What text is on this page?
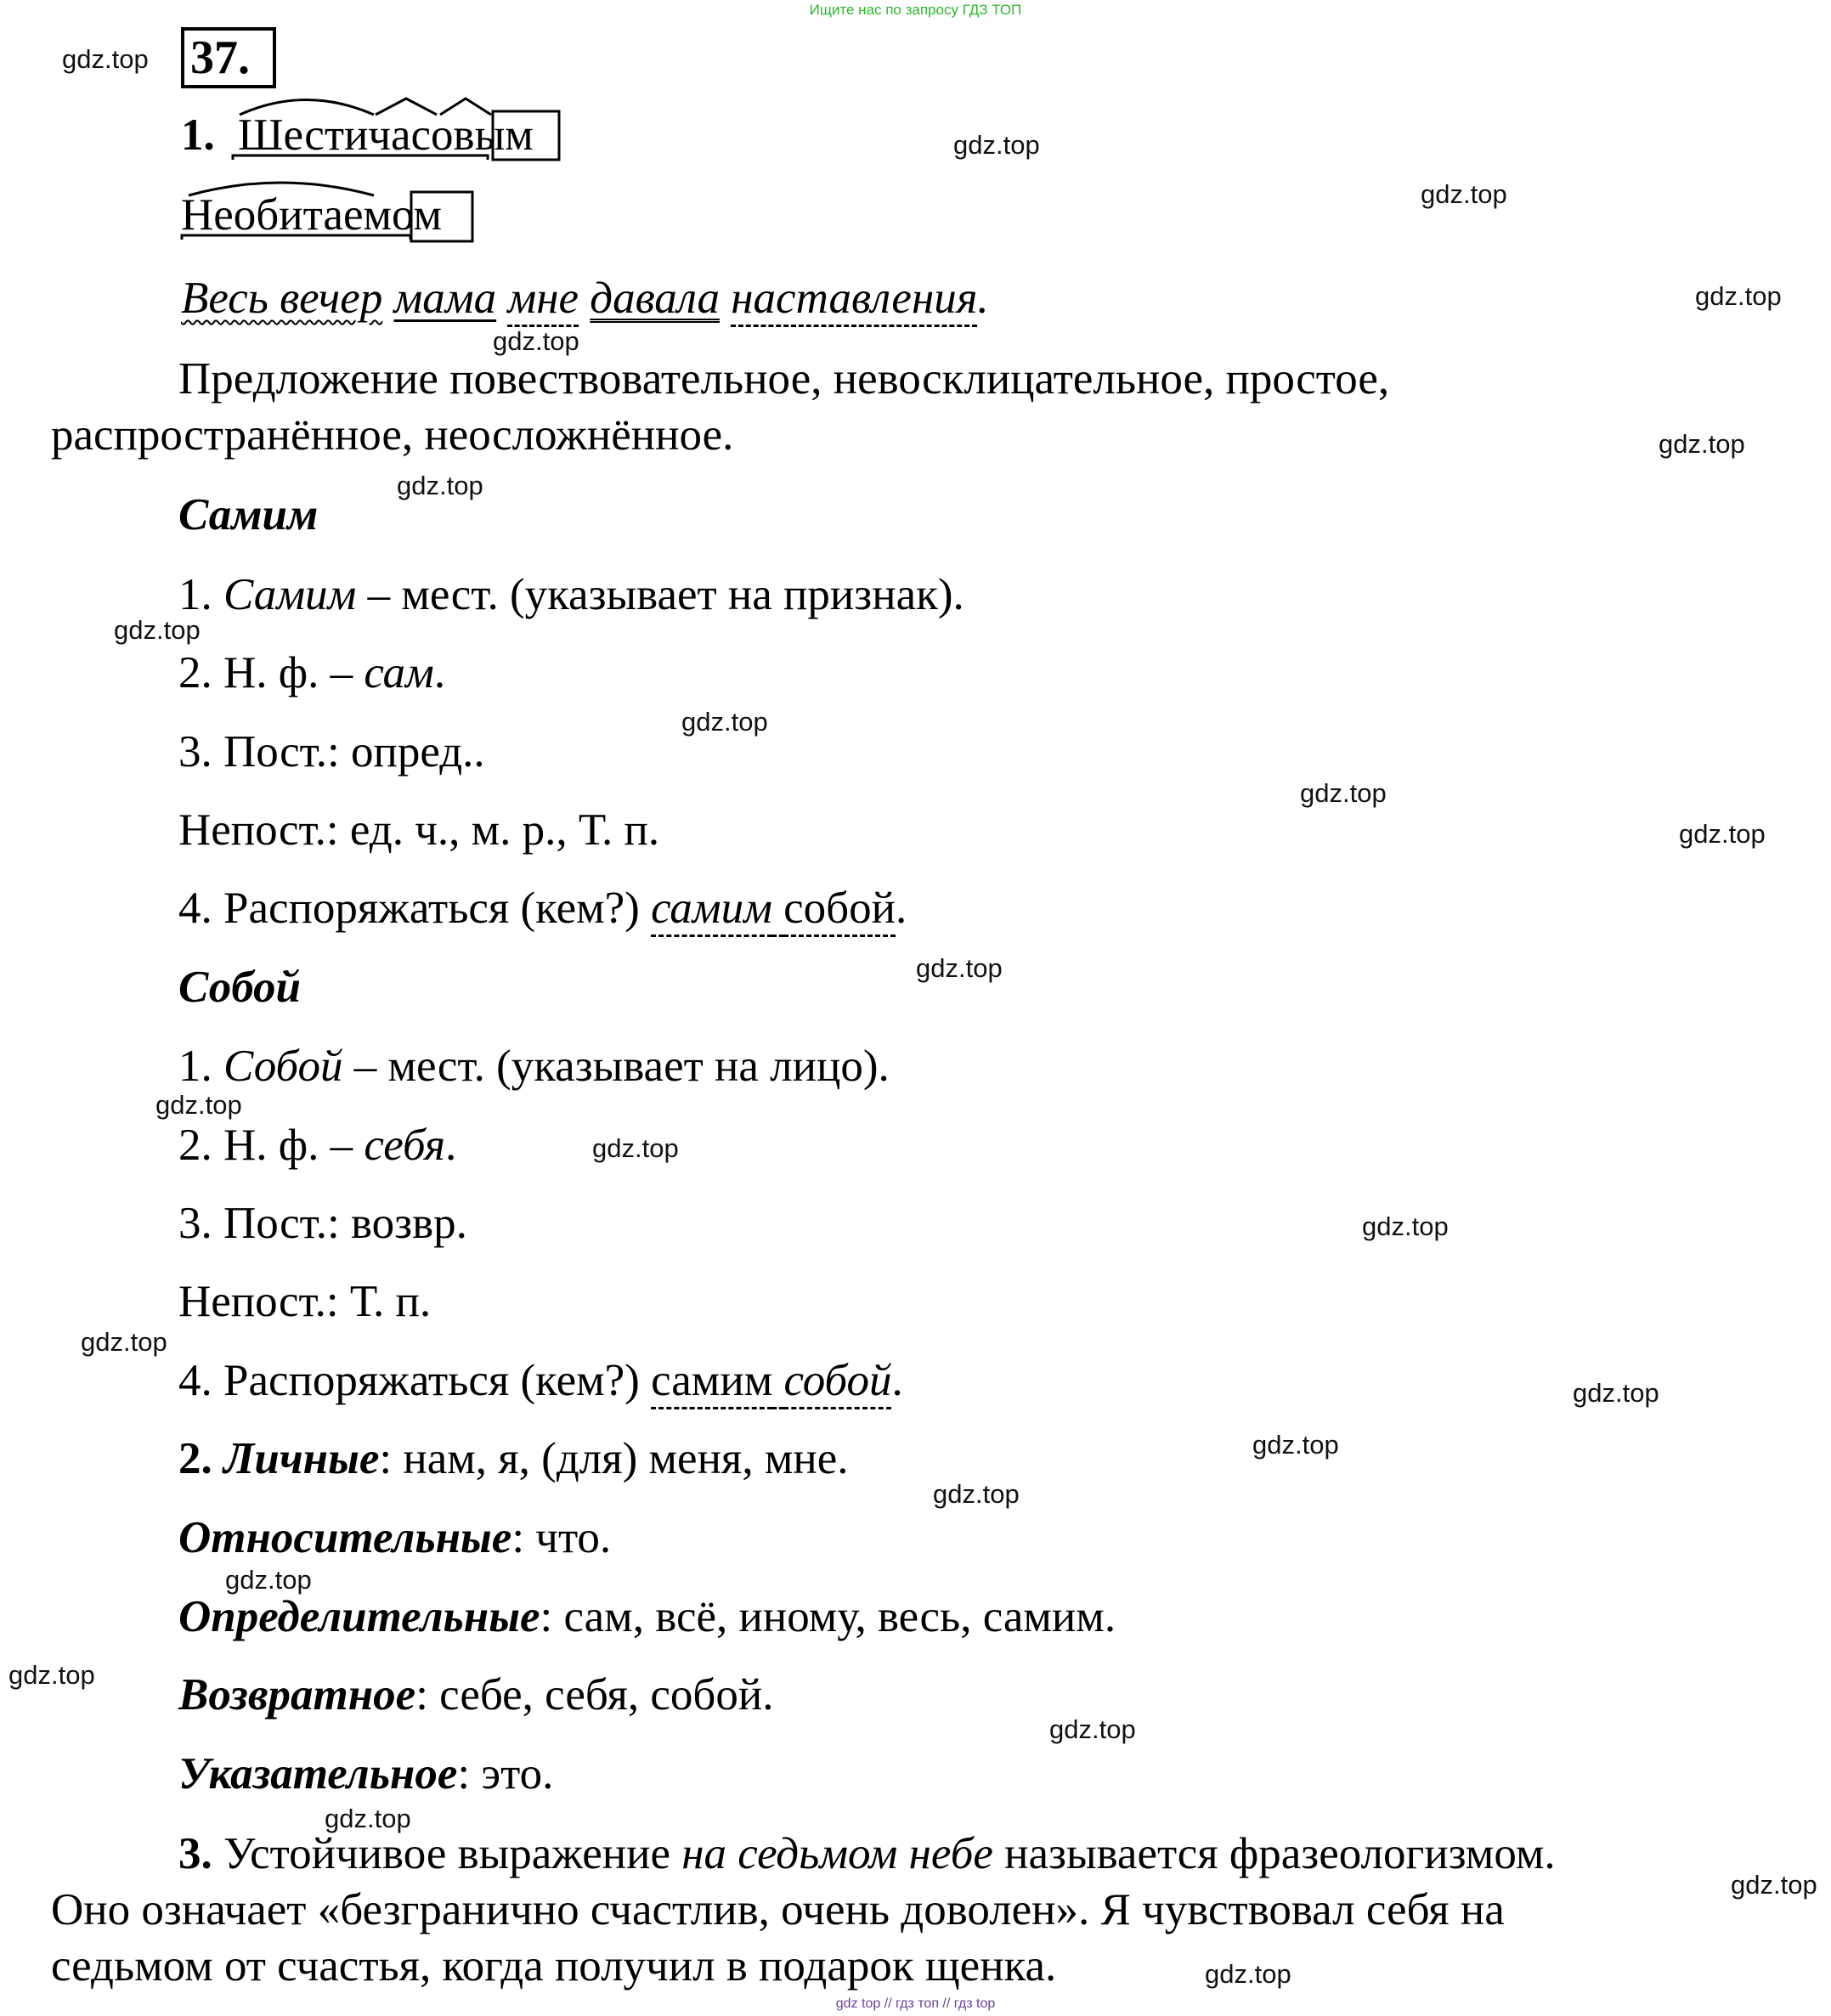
Ищите нас по запросу ГДЗ ТОП
37.
1. Шестичасовым
Необитаемом
Весь вечер мама мне давала наставления.
Предложение повествовательное, невосклицательное, простое,
распространённое, неосложнённое.
Самим
1. Самим – мест. (указывает на признак).
2. Н. ф. – сам.
3. Пост.: опред..
Непост.: ед. ч., м. р., Т. п.
4. Распоряжаться (кем?) самим собой.
Собой
1. Собой – мест. (указывает на лицо).
2. Н. ф. – себя.
3. Пост.: возвр.
Непост.: Т. п.
4. Распоряжаться (кем?) самим собой.
2. Личные: нам, я, (для) меня, мне.
Относительные: что.
Определительные: сам, всё, иному, весь, самим.
Возвратное: себе, себя, собой.
Указательное: это.
3. Устойчивое выражение на седьмом небе называется фразеологизмом.
Оно означает «безгранично счастлив, очень доволен». Я чувствовал себя на
седьмом от счастья, когда получил в подарок щенка.
gdz.top
gdz.top
gdz.top
gdz.top
gdz.top
gdz.top
gdz.top
gdz.top
gdz.top
gdz.top
gdz.top
gdz.top
gdz.top
gdz.top
gdz.top
gdz.top
gdz.top
gdz.top
gdz.top
gdz.top
gdz.top
gdz.top
gdz.top
gdz.top
gdz.top
gdz top // гдз топ // гдз top
